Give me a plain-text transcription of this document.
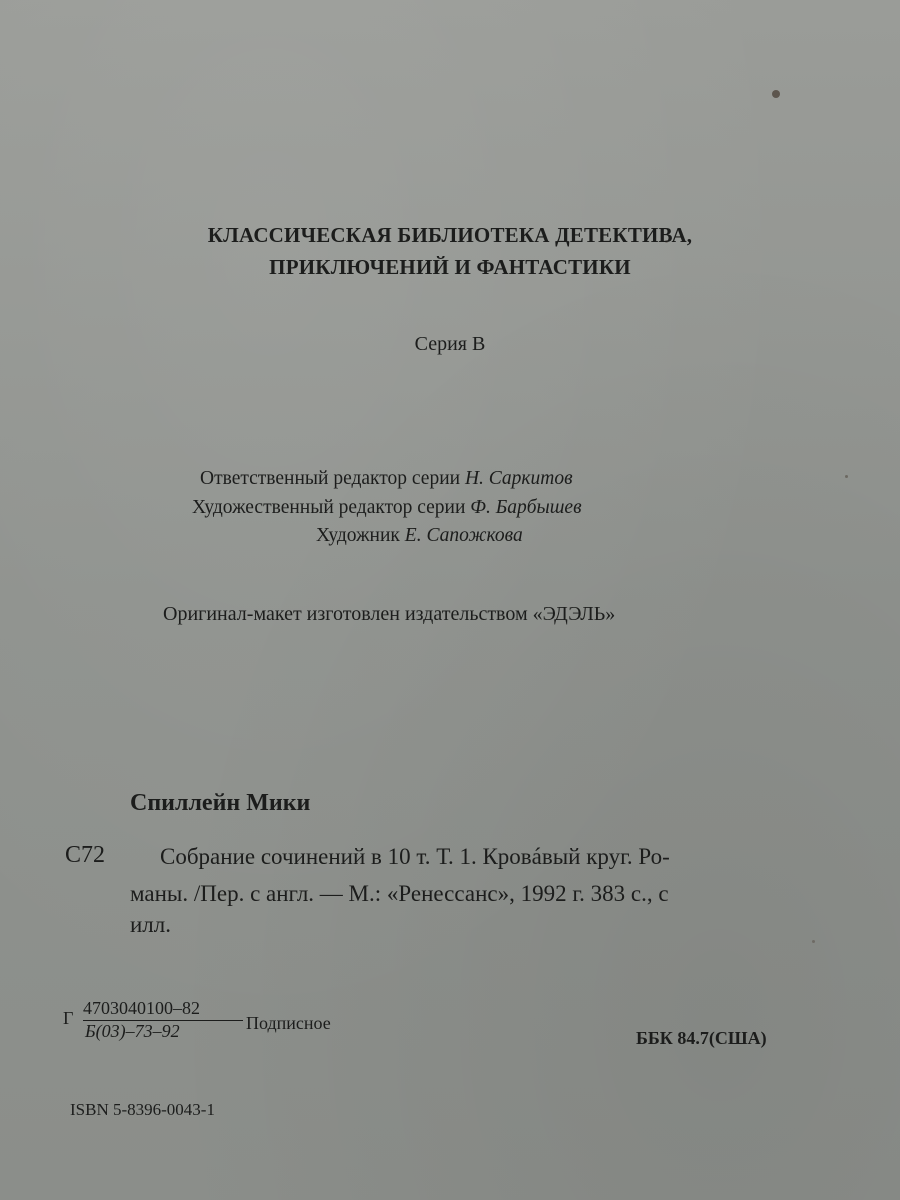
КЛАССИЧЕСКАЯ БИБЛИОТЕКА ДЕТЕКТИВА,
ПРИКЛЮЧЕНИЙ И ФАНТАСТИКИ
Серия В
Ответственный редактор серии Н. Саркитов
Художественный редактор серии Ф. Барбышев
Художник Е. Сапожкова
Оригинал-макет изготовлен издательством «ЭДЭЛЬ»
Спиллейн Мики
С72 Собрание сочинений в 10 т. Т. 1. Кровáвый круг. Ро-
маны. /Пер. с англ. — М.: «Ренессанс», 1992 г. 383 с., с
илл.
Г 4703040100–82
Б(03)–73–92	Подписное
ББК 84.7(США)
ISBN 5-8396-0043-1
